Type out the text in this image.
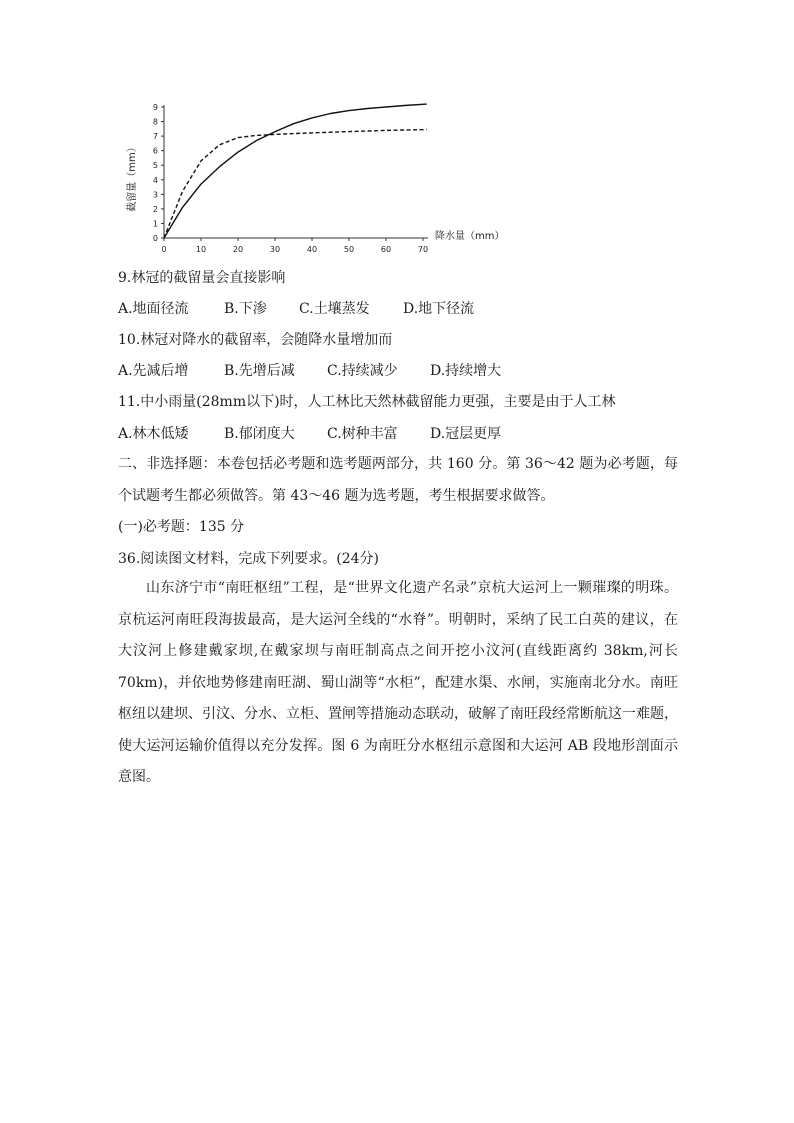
0	10	20	30	40	50	60	70
0
1
2
3
4
5
6
7
8
9
截留量（mm）
降水量（mm）
9.林冠的截留量会直接影响
A.地面径流	B.下渗 C.土壤蒸发 D.地下径流
10.林冠对降水的截留率，会随降水量增加而
A.先减后增	B.先增后减 C.持续减少 D.持续增大
11.中小雨量(28mm以下)时，人工林比天然林截留能力更强，主要是由于人工林
A.林木低矮	B.郁闭度大 C.树种丰富 D.冠层更厚
二、非选择题：本卷包括必考题和选考题两部分，共 160 分。第 36～42 题为必考题，每个试题考生都必须做答。第 43～46 题为选考题，考生根据要求做答。
(一)必考题：135 分
36.阅读图文材料，完成下列要求。(24分)
山东济宁市“南旺枢纽”工程，是“世界文化遗产名录”京杭大运河上一颗璀璨的明珠。京杭运河南旺段海拔最高，是大运河全线的“水脊”。明朝时，采纳了民工白英的建议，在大汶河上修建戴家坝,在戴家坝与南旺制高点之间开挖小汶河(直线距离约 38km,河长70km)，并依地势修建南旺湖、蜀山湖等“水柜”，配建水渠、水闸，实施南北分水。南旺枢纽以建坝、引汶、分水、立柜、置闸等措施动态联动，破解了南旺段经常断航这一难题，使大运河运输价值得以充分发挥。图 6 为南旺分水枢纽示意图和大运河 AB 段地形剖面示意图。
